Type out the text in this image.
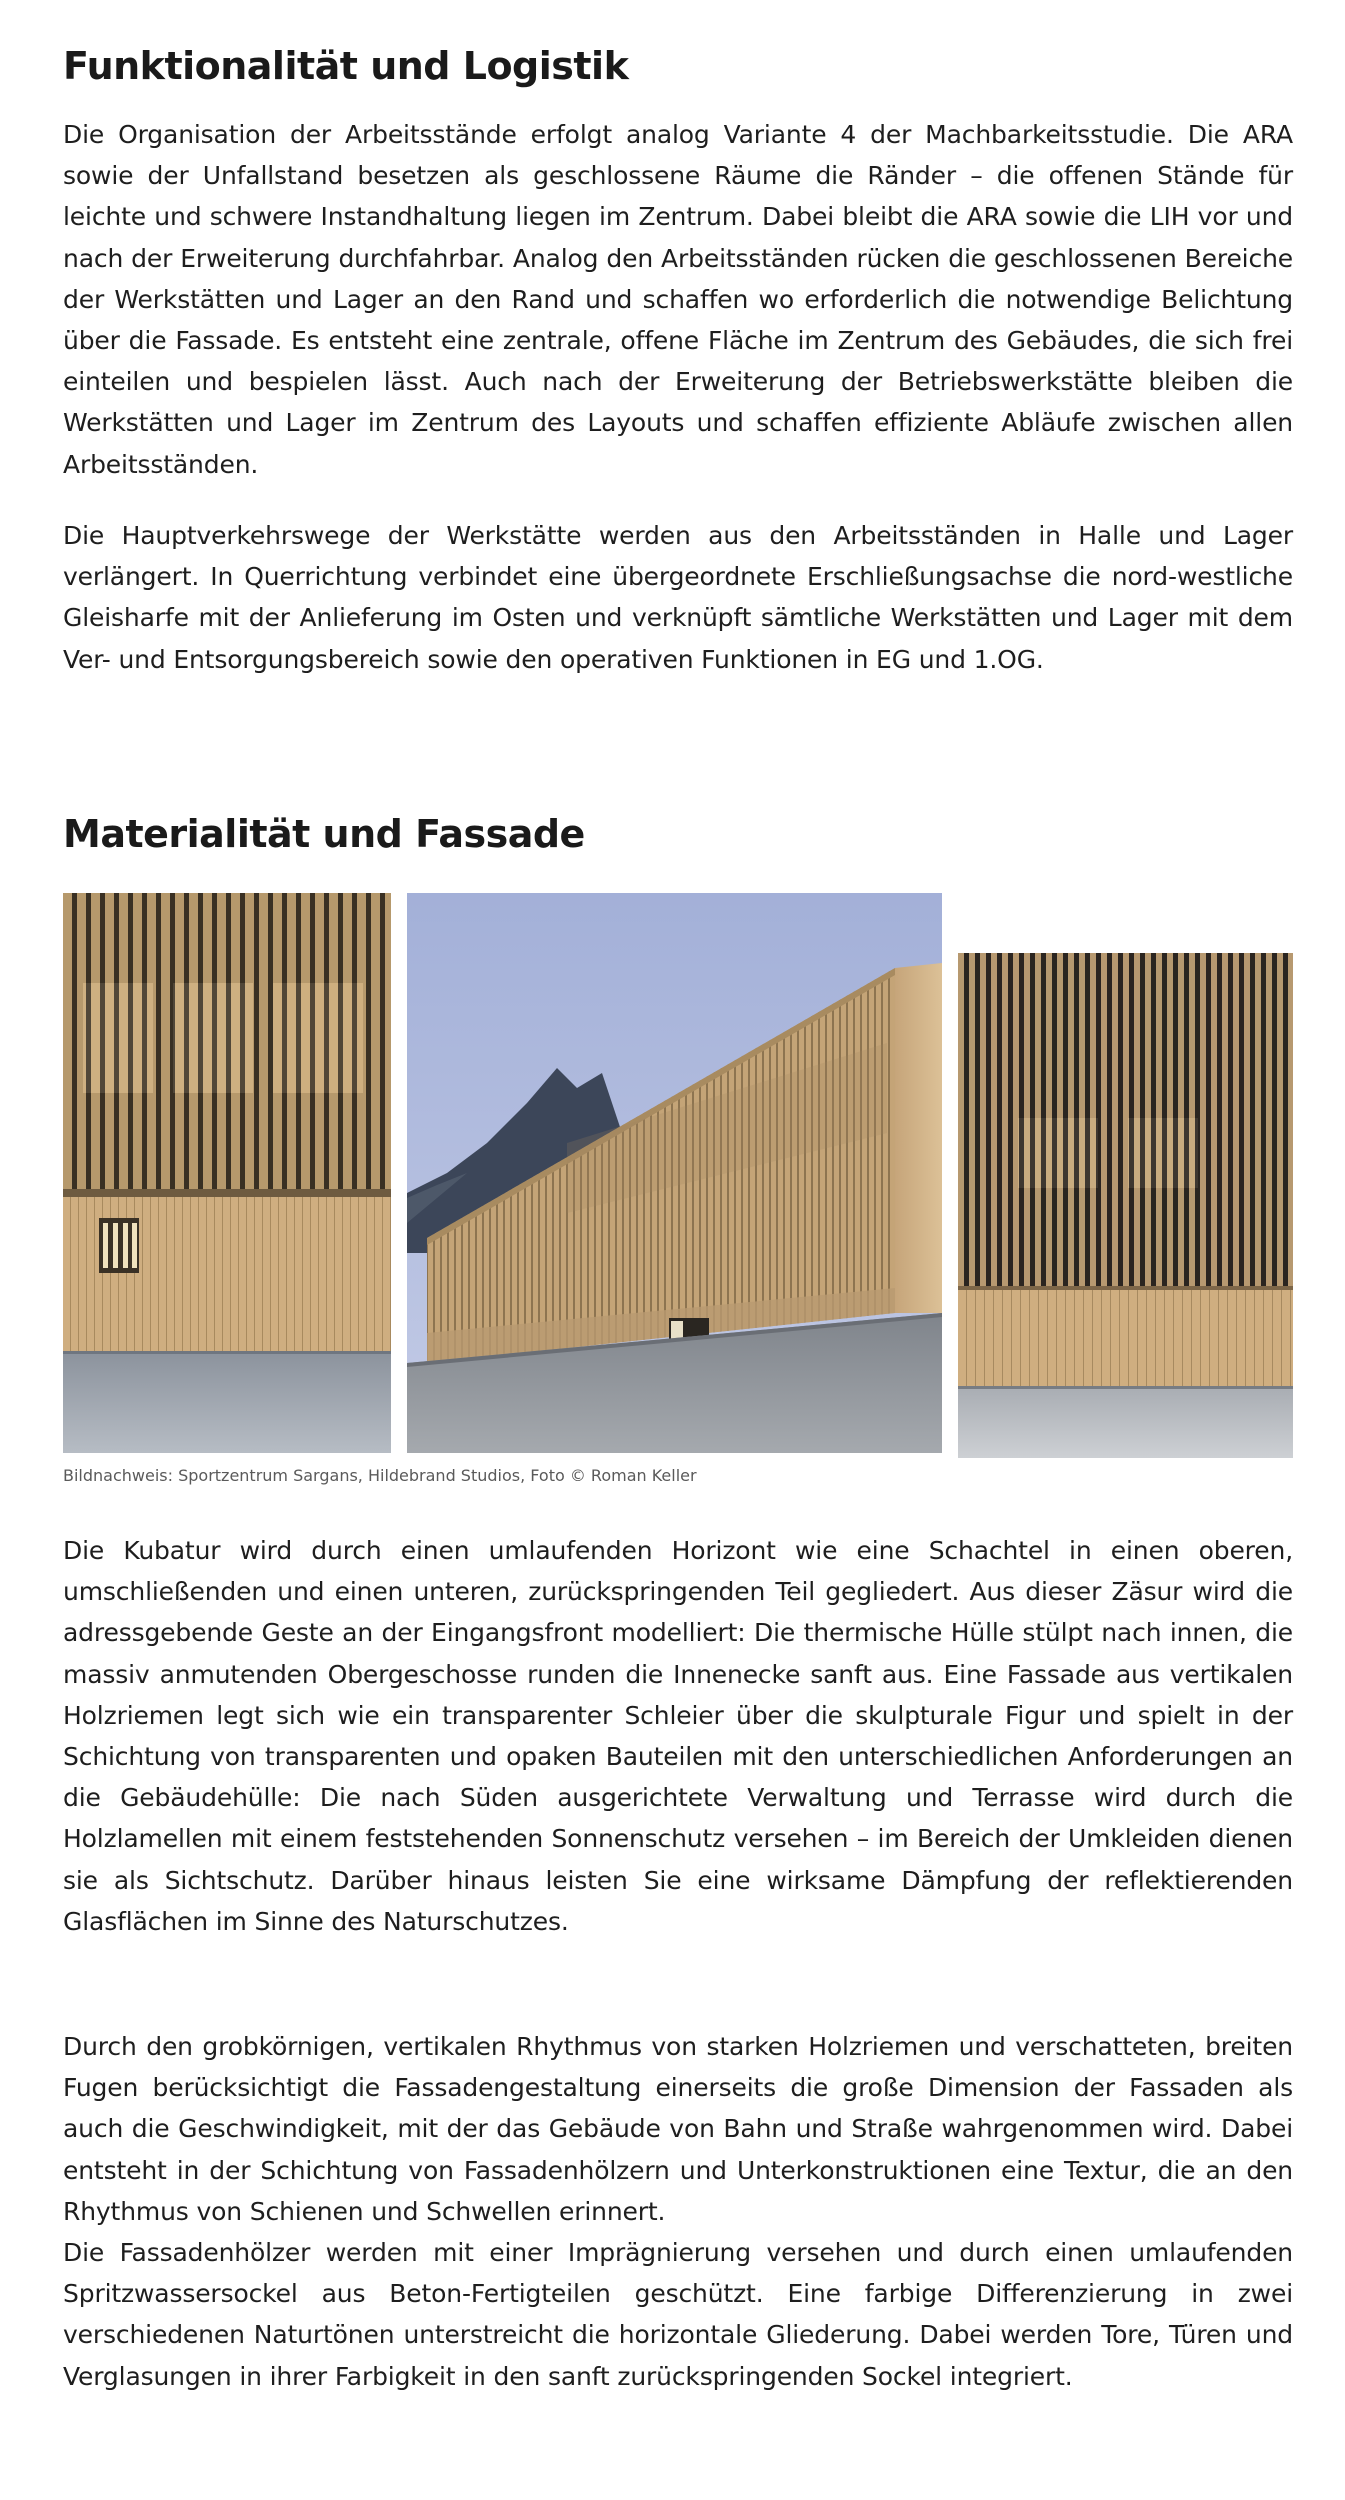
Funktionalität und Logistik

Die Organisation der Arbeitsstände erfolgt analog Variante 4 der Machbarkeitsstudie. Die ARA sowie der Unfallstand besetzen als geschlossene Räume die Ränder – die offenen Stände für leichte und schwere Instandhaltung liegen im Zentrum. Dabei bleibt die ARA sowie die LIH vor und nach der Erweiterung durchfahrbar. Analog den Arbeitsständen rücken die geschlossenen Bereiche der Werkstätten und Lager an den Rand und schaffen wo erforderlich die notwendige Belichtung über die Fassade. Es entsteht eine zentrale, offene Fläche im Zentrum des Gebäudes, die sich frei einteilen und bespielen lässt. Auch nach der Erweiterung der Betriebswerkstätte bleiben die Werkstätten und Lager im Zentrum des Layouts und schaffen effiziente Abläufe zwischen allen Arbeitsständen.

Die Hauptverkehrswege der Werkstätte werden aus den Arbeitsständen in Halle und Lager verlängert. In Querrichtung verbindet eine übergeordnete Erschließungsachse die nord-westliche Gleisharfe mit der Anlieferung im Osten und verknüpft sämtliche Werkstätten und Lager mit dem Ver- und Entsorgungsbereich sowie den operativen Funktionen in EG und 1.OG.

Materialität und Fassade
Bildnachweis: Sportzentrum Sargans, Hildebrand Studios, Foto © Roman Keller

Die Kubatur wird durch einen umlaufenden Horizont wie eine Schachtel in einen oberen, umschließenden und einen unteren, zurückspringenden Teil gegliedert. Aus dieser Zäsur wird die adressgebende Geste an der Eingangsfront modelliert: Die thermische Hülle stülpt nach innen, die massiv anmutenden Obergeschosse runden die Innenecke sanft aus. Eine Fassade aus vertikalen Holzriemen legt sich wie ein transparenter Schleier über die skulpturale Figur und spielt in der Schichtung von transparenten und opaken Bauteilen mit den unterschiedlichen Anforderungen an die Gebäudehülle: Die nach Süden ausgerichtete Verwaltung und Terrasse wird durch die Holzlamellen mit einem feststehenden Sonnenschutz versehen – im Bereich der Umkleiden dienen sie als Sichtschutz. Darüber hinaus leisten Sie eine wirksame Dämpfung der reflektierenden Glasflächen im Sinne des Naturschutzes.

Durch den grobkörnigen, vertikalen Rhythmus von starken Holzriemen und verschatteten, breiten Fugen berücksichtigt die Fassadengestaltung einerseits die große Dimension der Fassaden als auch die Geschwindigkeit, mit der das Gebäude von Bahn und Straße wahrgenommen wird. Dabei entsteht in der Schichtung von Fassadenhölzern und Unterkonstruktionen eine Textur, die an den Rhythmus von Schienen und Schwellen erinnert.
Die Fassadenhölzer werden mit einer Imprägnierung versehen und durch einen umlaufenden Spritzwassersockel aus Beton-Fertigteilen geschützt. Eine farbige Differenzierung in zwei verschiedenen Naturtönen unterstreicht die horizontale Gliederung. Dabei werden Tore, Türen und Verglasungen in ihrer Farbigkeit in den sanft zurückspringenden Sockel integriert.
